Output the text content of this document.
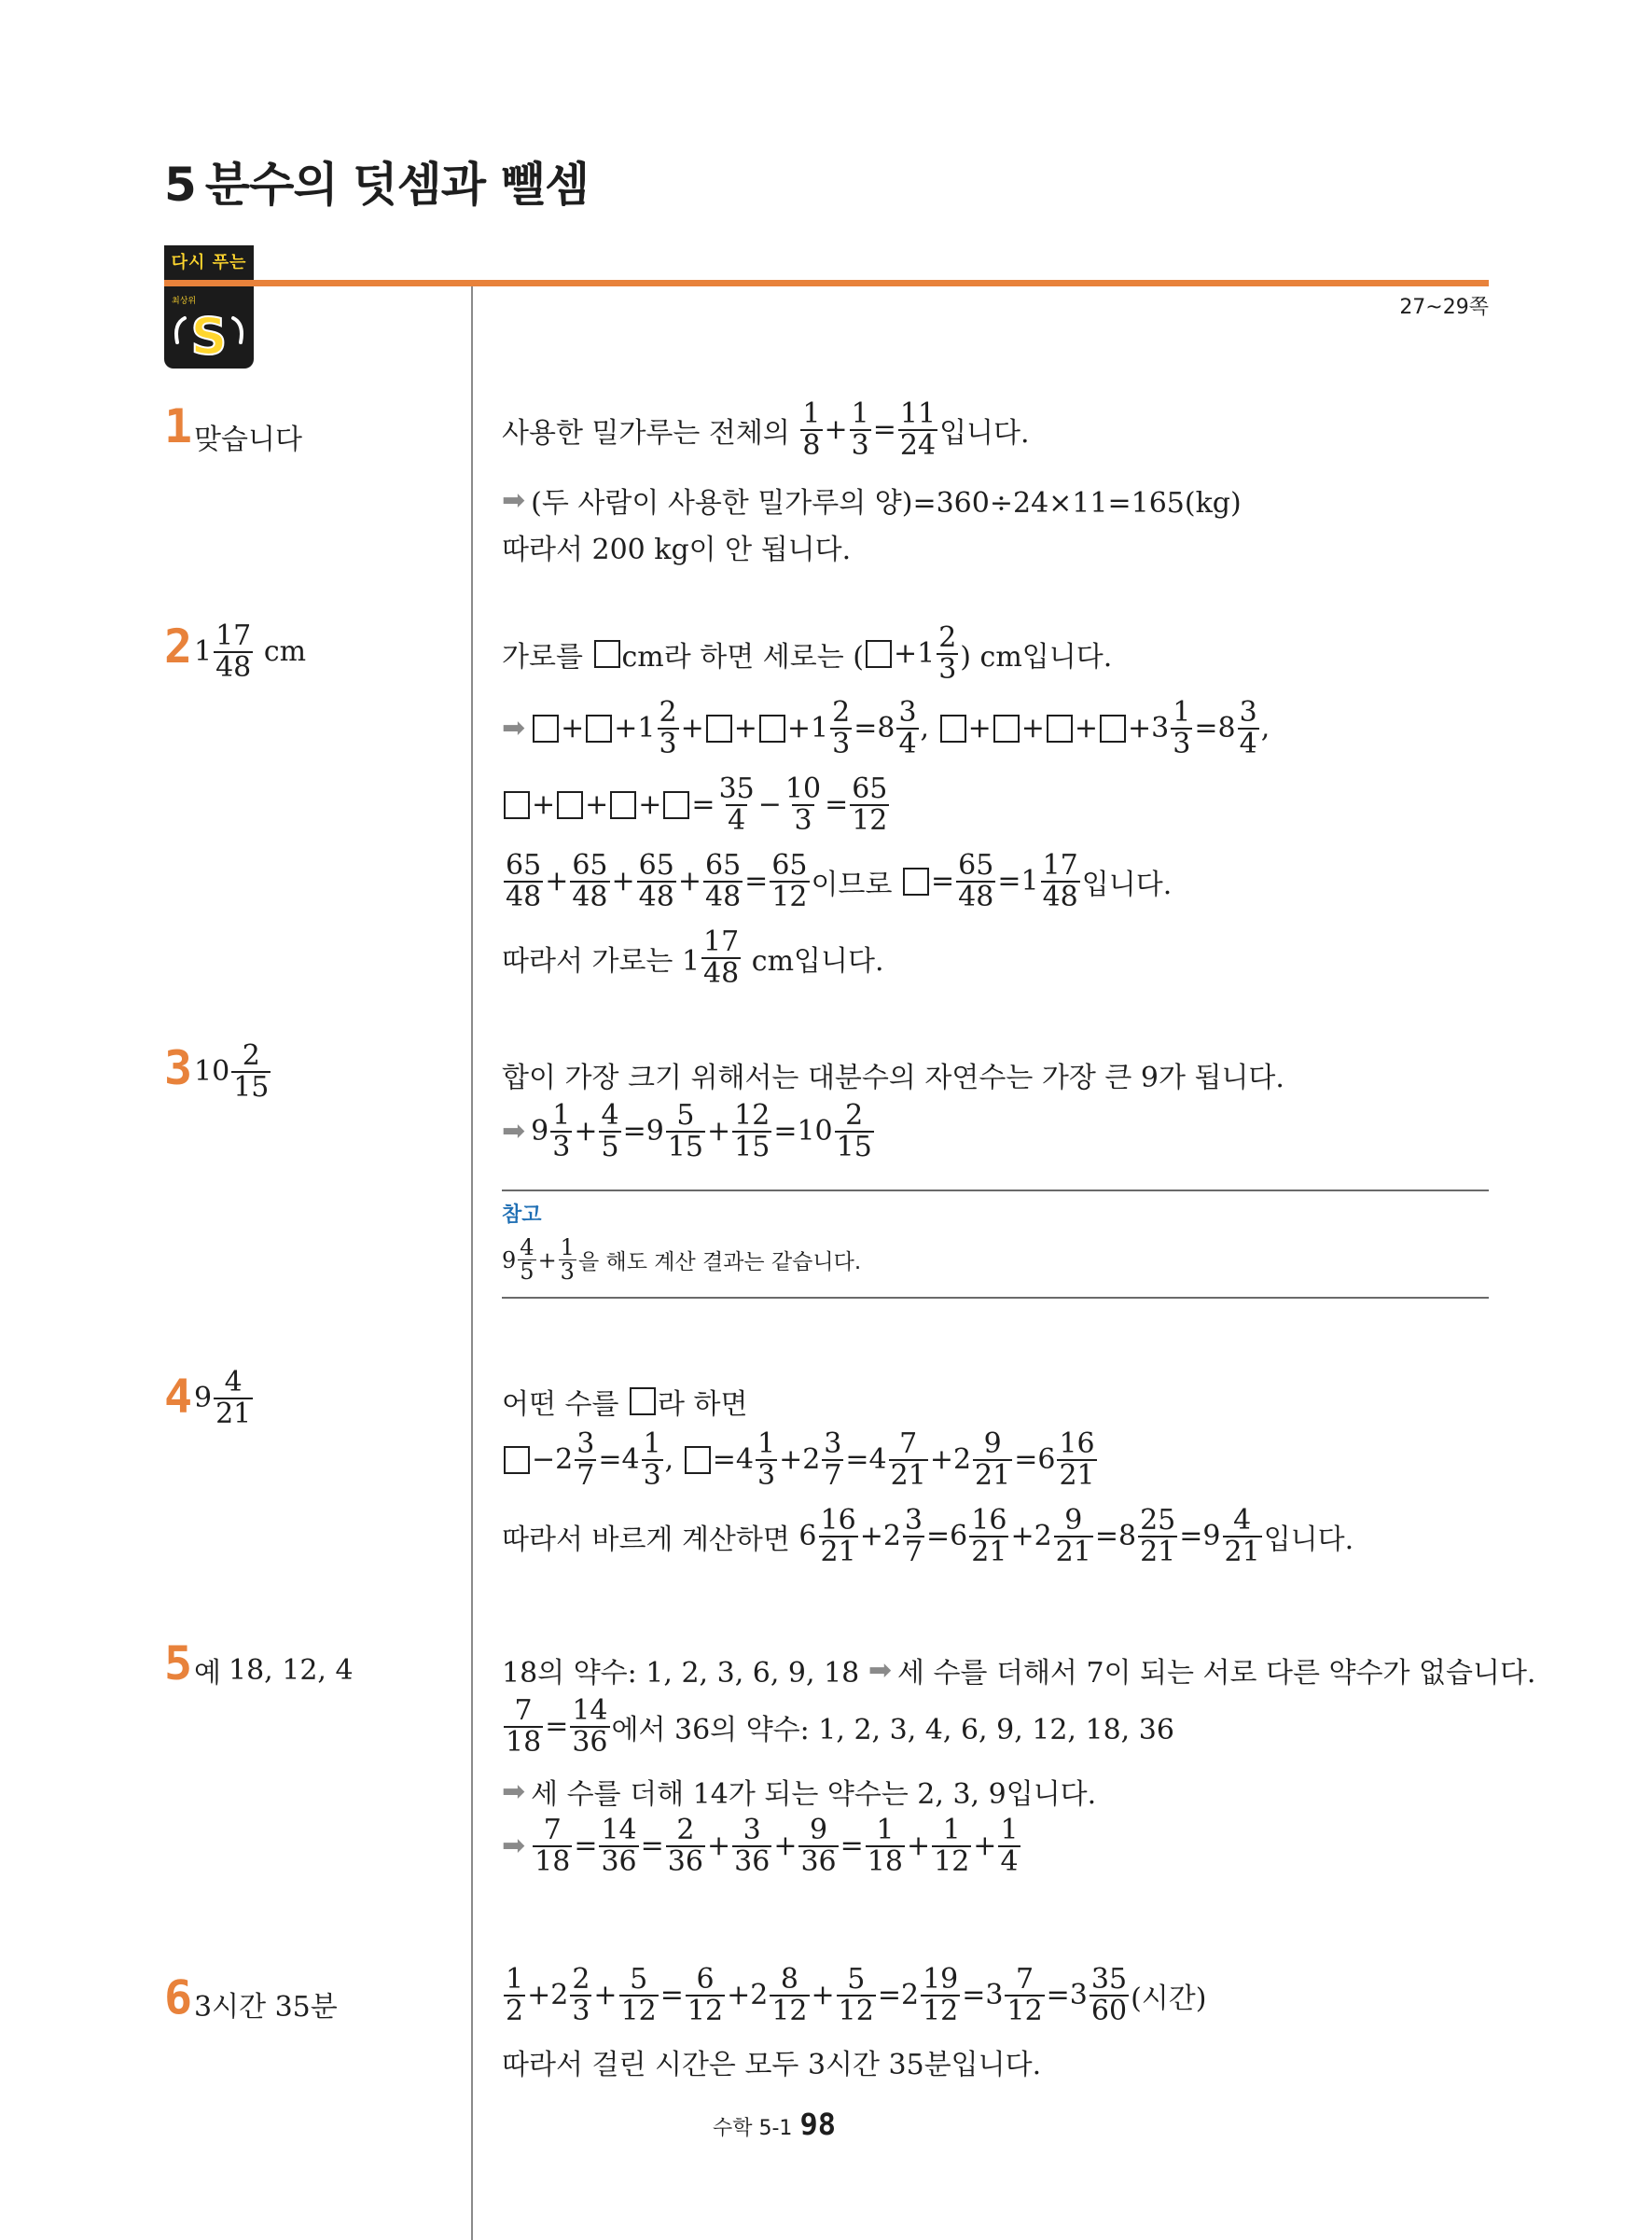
5 분수의 덧셈과 뺄셈
다시 푸는
최상위
S	27~29쪽
1 맞습니다	사용한 밀가루는 전체의

1
8 + 1
3 = 11
24 입니다.
➡ (두 사람이 사용한 밀가루의 양)=360÷24×11=165(kg)
따라서 200 kg이 안 됩니다.
2 1 17
48
cm	가로를
cm라 하면 세로는 ( +1 2
3 ) cm입니다.
➡ + +1 2
3 + + +1 2
3 =8 3
4 ,
+ + + +3 1
3 =8 3
4 ,
+ + + = 35
4 − 10
3 = 65
12
65
48 + 65
48 + 65
48 + 65
48 = 65
12 이므로
= 65
48 =1 17
48 입니다.
따라서 가로는 1
17
48
cm입니다.
3 10 2
15	합이 가장 크기 위해서는 대분수의 자연수는 가장 큰 9가 됩니다.
➡ 9 1
3 + 4
5 =9 5
15 + 12
15 =10 2
15
참고
9 4
5 + 1
3 을 해도 계산 결과는 같습니다.
4 9 4
21	어떤 수를
라 하면
−2 3
7 =4 1
3 ,
=4 1
3 +2 3
7 =4 7
21 +2 9
21 =6 16
21
따라서 바르게 계산하면 6 16
21 +2 3
7 =6 16
21 +2 9
21 =8 25
21 =9 4
21 입니다.
5 예 18, 12, 4	18의 약수: 1, 2, 3, 6, 9, 18
➡ 세 수를 더해서 7이 되는 서로 다른 약수가 없습니다.
7
18 = 14
36 에서 36의 약수: 1, 2, 3, 4, 6, 9, 12, 18, 36
➡ 세 수를 더해 14가 되는 약수는 2, 3, 9입니다.
➡ 7
18 = 14
36 = 2
36 + 3
36 + 9
36 = 1
18 + 1
12 + 1
4
6 3시간 35분
1
2 +2 2
3 + 5
12 = 6
12 +2 8
12 + 5
12 =2 19
12 =3 7
12 =3 35
60 (시간)
따라서 걸린 시간은 모두 3시간 35분입니다.
수학 5-1 98
